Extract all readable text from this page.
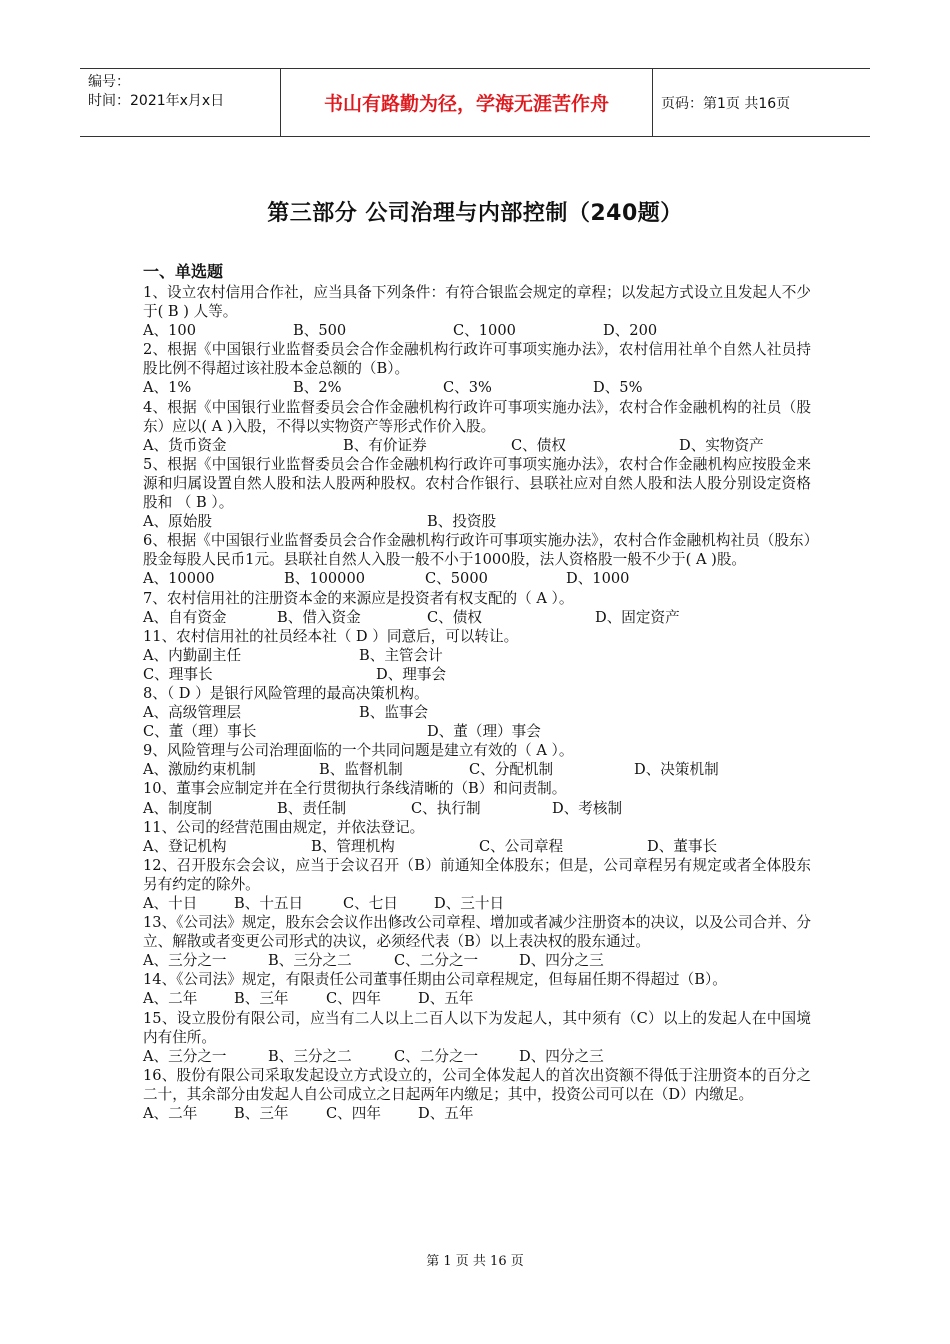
编号：
时间：2021年x月x日	书山有路勤为径，学海无涯苦作舟	页码：第1页 共16页
第三部分 公司治理与内部控制（240题）
一、单选题
1、设立农村信用合作社，应当具备下列条件：有符合银监会规定的章程；以发起方式设立且发起人不少于( B ) 人等。
A、100	B、500	C、1000	D、200
2、根据《中国银行业监督委员会合作金融机构行政许可事项实施办法》，农村信用社单个自然人社员持股比例不得超过该社股本金总额的（B）。
A、1%	B、2%	C、3%	D、5%
4、根据《中国银行业监督委员会合作金融机构行政许可事项实施办法》，农村合作金融机构的社员（股东）应以( A )入股，不得以实物资产等形式作价入股。
A、货币资金	B、有价证券	C、债权	D、实物资产
5、根据《中国银行业监督委员会合作金融机构行政许可事项实施办法》，农村合作金融机构应按股金来源和归属设置自然人股和法人股两种股权。农村合作银行、县联社应对自然人股和法人股分别设定资格股和 （ B ）。
A、原始股	B、投资股
6、根据《中国银行业监督委员会合作金融机构行政许可事项实施办法》，农村合作金融机构社员（股东）股金每股人民币1元。县联社自然人入股一般不小于1000股，法人资格股一般不少于( A )股。
A、10000	B、100000	C、5000	D、1000
7、农村信用社的注册资本金的来源应是投资者有权支配的（ A ）。
A、自有资金	B、借入资金	C、债权	D、固定资产
11、农村信用社的社员经本社（ D ）同意后，可以转让。
A、内勤副主任	B、主管会计
C、理事长	D、理事会
8、（ D ）是银行风险管理的最高决策机构。
A、高级管理层	B、监事会
C、董（理）事长	D、董（理）事会
9、风险管理与公司治理面临的一个共同问题是建立有效的（ A ）。
A、激励约束机制	B、监督机制	C、分配机制	D、决策机制
10、董事会应制定并在全行贯彻执行条线清晰的（B）和问责制。
A、制度制	B、责任制	C、执行制	D、考核制
11、公司的经营范围由规定，并依法登记。
A、登记机构	B、管理机构	C、公司章程	D、董事长
12、召开股东会会议，应当于会议召开（B）前通知全体股东；但是，公司章程另有规定或者全体股东另有约定的除外。
A、十日	B、十五日	C、七日	D、三十日
13、《公司法》规定，股东会会议作出修改公司章程、增加或者减少注册资本的决议，以及公司合并、分立、解散或者变更公司形式的决议，必须经代表（B）以上表决权的股东通过。
A、三分之一	B、三分之二	C、二分之一	D、四分之三
14、《公司法》规定，有限责任公司董事任期由公司章程规定，但每届任期不得超过（B）。
A、二年	B、三年	C、四年	D、五年
15、设立股份有限公司，应当有二人以上二百人以下为发起人，其中须有（C）以上的发起人在中国境内有住所。
A、三分之一	B、三分之二	C、二分之一	D、四分之三
16、股份有限公司采取发起设立方式设立的，公司全体发起人的首次出资额不得低于注册资本的百分之二十，其余部分由发起人自公司成立之日起两年内缴足；其中，投资公司可以在（D）内缴足。
A、二年	B、三年	C、四年	D、五年
第 1 页 共 16 页
